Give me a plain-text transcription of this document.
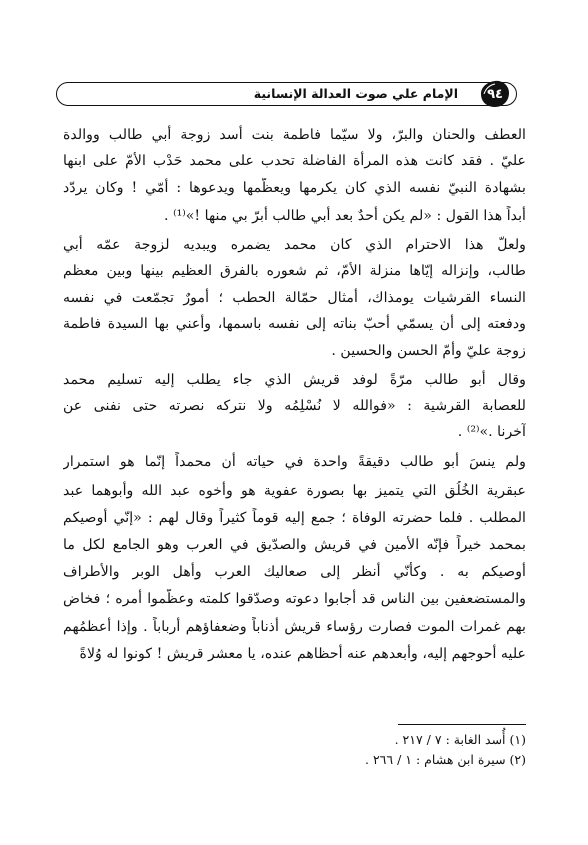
٩٤
الإمام علي صوت العدالة الإنسانية
العطف والحنان والبرّ، ولا سيّما فاطمة بنت أسد زوجة أبي طالب ووالدة
عليّ . فقد كانت هذه المرأة الفاضلة تحدب على محمد حَدْب الأمّ على ابنها
بشهادة النبيّ نفسه الذي كان يكرمها ويعظّمها ويدعوها : أُمّي ! وكان يردّد
أبداً هذا القول : «لم يكن أحدٌ بعد أبي طالب أبرّ بي منها !»⁽¹⁾ .
ولعلّ هذا الاحترام الذي كان محمد يضمره ويبديه لزوجة عمّه أبي
طالب، وإنزاله إيّاها منزلة الأمّ، ثم شعوره بالفرق العظيم بينها وبين معظم
النساء القرشيات يومذاك، أمثال حمّالة الحطب ؛ أُمورٌ تجمّعت في نفسه
ودفعته إلى أن يسمّي أحبّ بناته إلى نفسه باسمها، وأعني بها السيدة فاطمة
زوجة عليّ وأمّ الحسن والحسين .
وقال أبو طالب مرّةً لوفد قريش الذي جاء يطلب إليه تسليم محمد
للعصابة القرشية : «فوالله لا نُسْلِمُه ولا نتركه نصرته حتى نفنى عن
آخرنا .»⁽²⁾ .
ولم ينسَ أبو طالب دقيقةً واحدة في حياته أن محمداً إنّما هو استمرار
عبقرية الخُلُق التي يتميز بها بصورة عفوية هو وأخوه عبد الله وأبوهما عبد
المطلب . فلما حضرته الوفاة ؛ جمع إليه قوماً كثيراً وقال لهم : «إنّي أُوصيكم
بمحمد خيراً فإنّه الأمين في قريش والصدّيق في العرب وهو الجامع لكل ما
أُوصيكم به . وكأنّي أنظر إلى صعاليك العرب وأهل الوبر والأطراف
والمستضعفين بين الناس قد أجابوا دعوته وصدّقوا كلمته وعظّموا أمره ؛ فخاض
بهم غمرات الموت فصارت رؤساء قريش أذناباً وضعفاؤهم أرباباً . وإذا أعظمُهم
عليه أحوجهم إليه، وأبعدهم عنه أحظاهم عنده، يا معشر قريش ! كونوا له وُلاةً
(١) أُسد الغابة : ٧ / ٢١٧ .
(٢) سيرة ابن هشام : ١ / ٢٦٦ .
